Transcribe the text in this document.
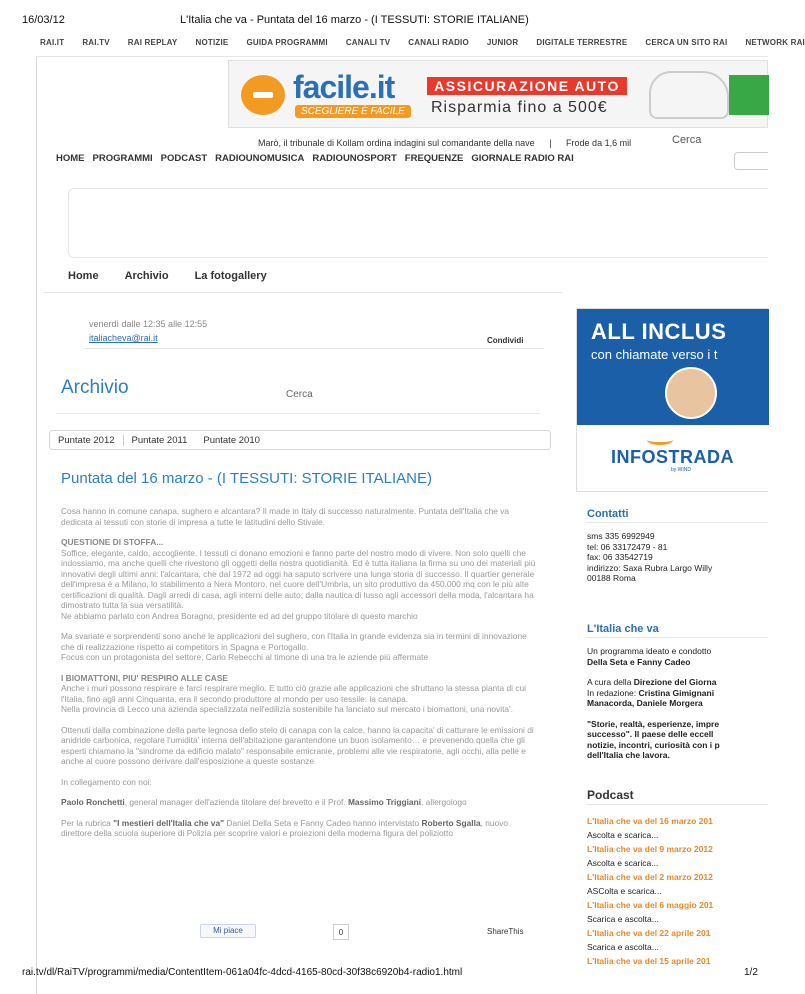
16/03/12	L'Italia che va - Puntata del 16 marzo - (I TESSUTI: STORIE ITALIANE)
RAI.IT RAI.TV RAI REPLAY NOTIZIE GUIDA PROGRAMMI CANALI TV CANALI RADIO JUNIOR DIGITALE TERRESTRE CERCA UN SITO RAI NETWORK RAI
facile.it
SCEGLIERE È FACILE
ASSICURAZIONE AUTO
Risparmia fino a 500€
Marò, il tribunale di Kollam ordina indagini sul comandante della nave | Frode da 1,6 mil	Cerca
HOME PROGRAMMI PODCAST RADIOUNOMUSICA RADIOUNOSPORT FREQUENZE GIORNALE RADIO RAI
Home Archivio La fotogallery
venerdì dalle 12:35 alle 12:55
italiacheva@rai.it	Condividi
Archivio	Cerca
Puntate 2012	Puntate 2011	Puntate 2010
Puntata del 16 marzo - (I TESSUTI: STORIE ITALIANE)

Cosa hanno in comune canapa, sughero e alcantara? Il made in Italy di successo naturalmente. Puntata dell'Italia che va dedicata ai tessuti con storie di impresa a tutte le latitudini dello Stivale.

QUESTIONE DI STOFFA...
Soffice, elegante, caldo, accogliente. I tessuti ci donano emozioni e fanno parte del nostro modo di vivere. Non solo quelli che indossiamo, ma anche quelli che rivestono gli oggetti della nostra quotidianità. Ed è tutta italiana la firma su uno dei materiali più innovativi degli ultimi anni: l'alcantara, che dal 1972 ad oggi ha saputo scrivere una lunga storia di successo. Il quartier generale dell'impresa è a Milano, lo stabilimento a Nera Montoro, nel cuore dell'Umbria, un sito produttivo da 450.000 mq con le più alte certificazioni di qualità. Dagli arredi di casa, agli interni delle auto; dalla nautica di lusso agli accessori della moda, l'alcantara ha dimostrato tutta la sua versatilità.
Ne abbiamo parlato con Andrea Boragno, presidente ed ad del gruppo titolare di questo marchio

Ma svariate e sorprendenti sono anche le applicazioni del sughero, con l'Italia in grande evidenza sia in termini di innovazione che di realizzazione rispetto ai competitors in Spagna e Portogallo.
Focus con un protagonista del settore, Carlo Rebecchi al timone di una tra le aziende più affermate

I BIOMATTONI, PIU' RESPIRO ALLE CASE
Anche i muri possono respirare e farci respirare meglio. E tutto ciò grazie alle applicazioni che sfruttano la stessa pianta di cui l'Italia, fino agli anni Cinquanta, era il secondo produttore al mondo per uso tessile: la canapa.
Nella provincia di Lecco una azienda specializzata nell'edilizia sostenibile ha lanciato sul mercato i biomattoni, una novita'.

Ottenuti dalla combinazione della parte legnosa dello stelo di canapa con la calce, hanno la capacita' di catturare le emissioni di anidride carbonica, regolare l'umidita' interna dell'abitazione garantendone un buon isolamento… e prevenendo quella che gli esperti chiamano la "sindrome da edificio malato" responsabile emicranie, problemi alle vie respiratorie, agli occhi, alla pelle e anche al cuore possono derivare dall'esposizione a queste sostanze

In collegamento con noi:

Paolo Ronchetti, general manager dell'azienda titolare del brevetto e il Prof. Massimo Triggiani, allergologo

Per la rubrica "I mestieri dell'Italia che va" Daniel Della Seta e Fanny Cadeo hanno intervistato Roberto Sgalla, nuovo direttore della scuola superiore di Polizia per scoprire valori e proiezioni della moderna figura del poliziotto

Mi piace	0	ShareThis
ALL INCLUS
con chiamate verso i t
INFOSTRADA
by WIND
Contatti
sms 335 6992949
tel: 06 33172479 - 81
fax: 06 33542719
indirizzo: Saxa Rubra Largo Willy
00188 Roma
L'Italia che va
Un programma ideato e condotto
Della Seta e Fanny Cadeo
A cura della Direzione del Giorna
In redazione: Cristina Gimignani
Manacorda, Daniele Morgera
"Storie, realtà, esperienze, impre
successo". Il paese delle eccell
notizie, incontri, curiosità con i p
dell'Italia che lavora.
Podcast
L'Italia che va del 16 marzo 201
Ascolta e scarica...
L'Italia che va del 9 marzo 2012
Ascolta e scarica...
L'Italia che va del 2 marzo 2012
ASColta e scarica...
L'Italia che va del 6 maggio 201
Scarica e ascolta...
L'Italia che va del 22 aprile 201
Scarica e ascolta...
L'Italia che va del 15 aprile 201
rai.tv/dl/RaiTV/programmi/media/ContentItem-061a04fc-4dcd-4165-80cd-30f38c6920b4-radio1.html	1/2
